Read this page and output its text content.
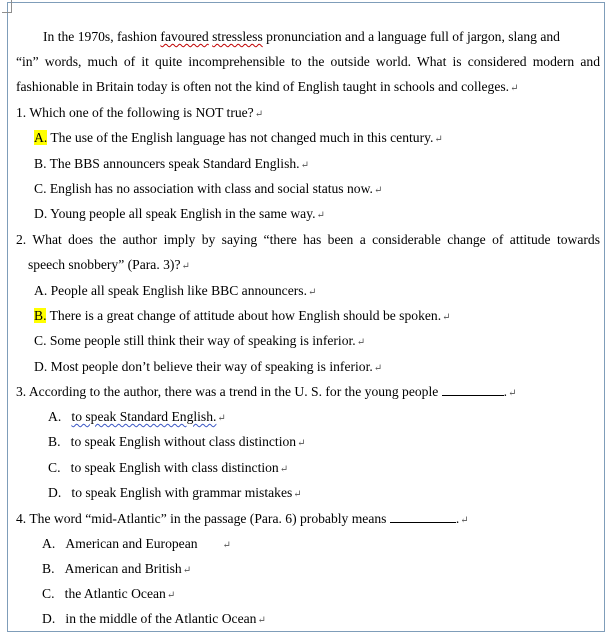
In the 1970s, fashion favoured stressless pronunciation and a language full of jargon, slang and
“in” words, much of it quite incomprehensible to the outside world. What is considered modern and
fashionable in Britain today is often not the kind of English taught in schools and colleges.↵
1. Which one of the following is NOT true?↵
A. The use of the English language has not changed much in this century.↵
B. The BBS announcers speak Standard English.↵
C. English has no association with class and social status now.↵
D. Young people all speak English in the same way.↵
2. What does the author imply by saying “there has been a considerable change of attitude towards
speech snobbery” (Para. 3)?↵
A. People all speak English like BBC announcers.↵
B. There is a great change of attitude about how English should be spoken.↵
C. Some people still think their way of speaking is inferior.↵
D. Most people don’t believe their way of speaking is inferior.↵
3. According to the author, there was a trend in the U. S. for the young people	.↵
A. to speak Standard English.↵
B. to speak English without class distinction↵
C. to speak English with class distinction↵
D. to speak English with grammar mistakes↵
4. The word “mid-Atlantic” in the passage (Para. 6) probably means	.↵
A. American and European	↵
B. American and British↵
C. the Atlantic Ocean↵
D. in the middle of the Atlantic Ocean↵
